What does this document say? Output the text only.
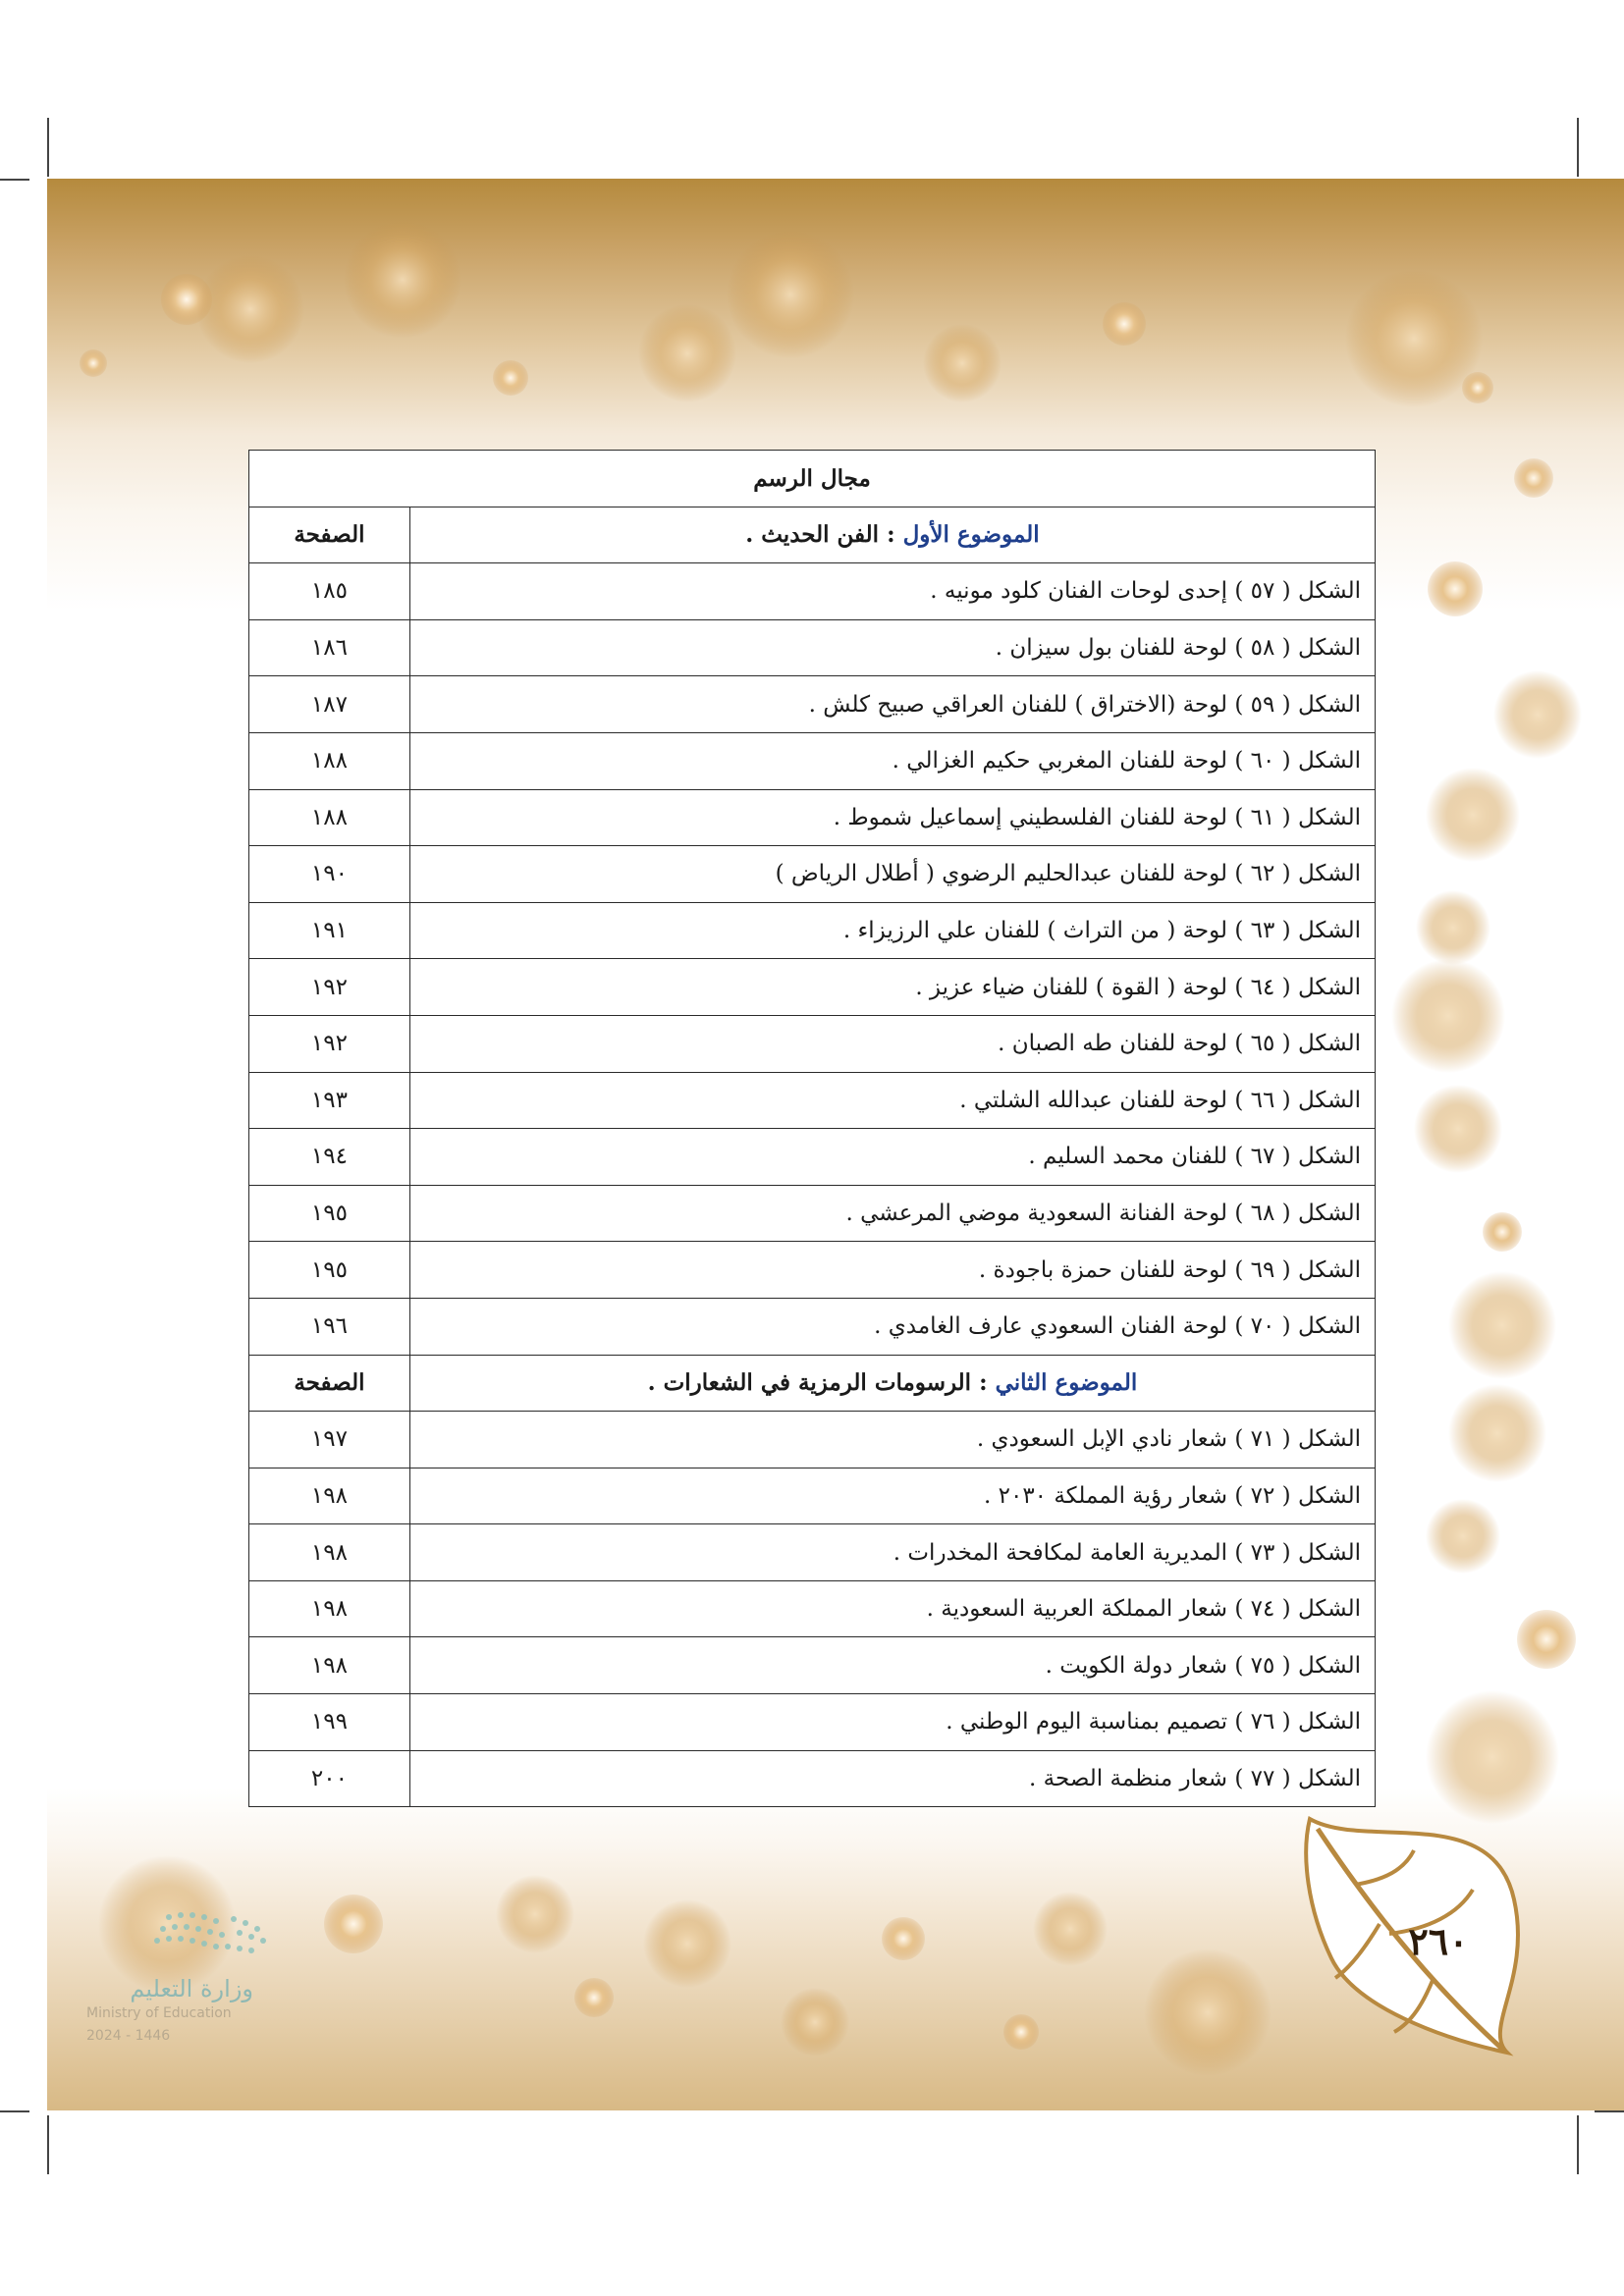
مجال الرسم	
الموضوع الأول : الفن الحديث .	الصفحة
الشكل ( ٥٧ ) إحدى لوحات الفنان كلود مونيه .	١٨٥
الشكل ( ٥٨ ) لوحة للفنان بول سيزان .	١٨٦
الشكل ( ٥٩ ) لوحة (الاختراق ) للفنان العراقي صبيح كلش .	١٨٧
الشكل ( ٦٠ ) لوحة للفنان المغربي حكيم الغزالي .	١٨٨
الشكل ( ٦١ ) لوحة للفنان الفلسطيني إسماعيل شموط .	١٨٨
الشكل ( ٦٢ ) لوحة للفنان عبدالحليم الرضوي ( أطلال الرياض )	١٩٠
الشكل ( ٦٣ ) لوحة ( من التراث ) للفنان علي الرزيزاء .	١٩١
الشكل ( ٦٤ ) لوحة ( القوة ) للفنان ضياء عزيز .	١٩٢
الشكل ( ٦٥ ) لوحة للفنان طه الصبان .	١٩٢
الشكل ( ٦٦ ) لوحة للفنان عبدالله الشلتي .	١٩٣
الشكل ( ٦٧ ) للفنان محمد السليم .	١٩٤
الشكل ( ٦٨ ) لوحة الفنانة السعودية موضي المرعشي .	١٩٥
الشكل ( ٦٩ ) لوحة للفنان حمزة باجودة .	١٩٥
الشكل ( ٧٠ ) لوحة الفنان السعودي عارف الغامدي .	١٩٦
الموضوع الثاني : الرسومات الرمزية في الشعارات .	الصفحة
الشكل ( ٧١ ) شعار نادي الإبل السعودي .	١٩٧
الشكل ( ٧٢ ) شعار رؤية المملكة ٢٠٣٠ .	١٩٨
الشكل ( ٧٣ ) المديرية العامة لمكافحة المخدرات .	١٩٨
الشكل ( ٧٤ ) شعار المملكة العربية السعودية .	١٩٨
الشكل ( ٧٥ ) شعار دولة الكويت .	١٩٨
الشكل ( ٧٦ ) تصميم بمناسبة اليوم الوطني .	١٩٩
الشكل ( ٧٧ ) شعار منظمة الصحة .	٢٠٠
٢٦٠
وزارة التعليم
Ministry of Education
2024 - 1446
